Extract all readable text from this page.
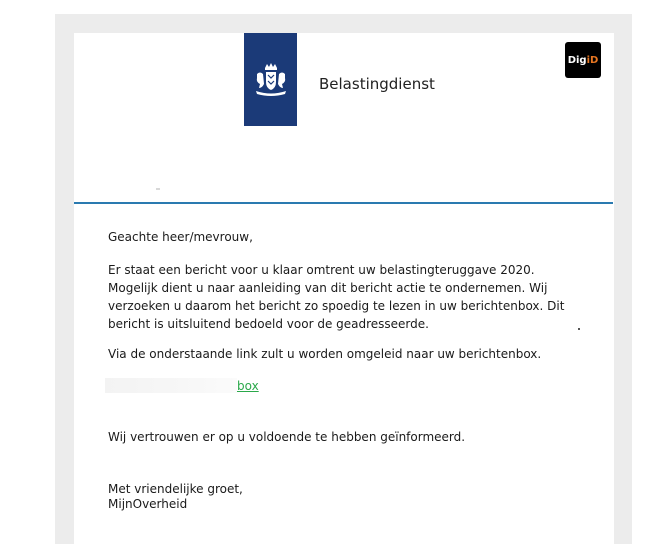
Belastingdienst
Dig iD
Geachte heer/mevrouw,
Er staat een bericht voor u klaar omtrent uw belastingteruggave 2020. Mogelijk dient u naar aanleiding van dit bericht actie te ondernemen. Wij verzoeken u daarom het bericht zo spoedig te lezen in uw berichtenbox. Dit bericht is uitsluitend bedoeld voor de geadresseerde.
Via de onderstaande link zult u worden omgeleid naar uw berichtenbox.
box
Wij vertrouwen er op u voldoende te hebben geïnformeerd.
Met vriendelijke groet,
MijnOverheid
